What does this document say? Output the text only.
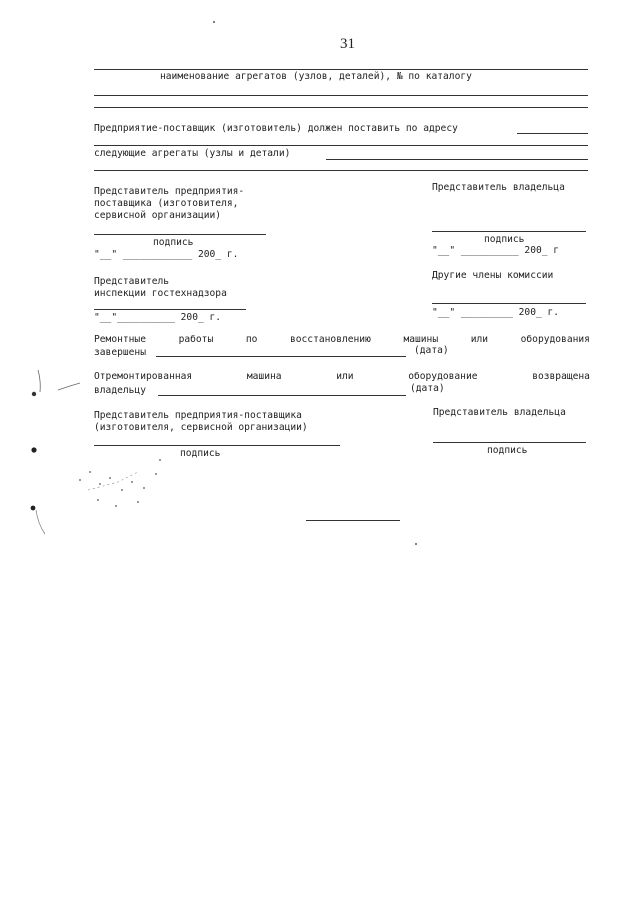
31
наименование агрегатов (узлов, деталей), № по каталогу
Предприятие-поставщик (изготовитель) должен поставить по адресу
следующие агрегаты (узлы и детали)
Представитель предприятия-
поставщика (изготовителя,
сервисной организации)
Представитель владельца
подпись
"__" ____________ 200_ г.
подпись
"__" __________ 200_ г
Представитель
инспекции гостехнадзора
Другие члены комиссии
"__"__________ 200_ г.	"__" _________ 200_ г.
Ремонтные	работы	по	восстановлению	машины	или	оборудования
завершены	(дата)
Отремонтированная	машина	или	оборудование	возвращена
владельцу	(дата)
Представитель предприятия-поставщика
(изготовителя, сервисной организации)
Представитель владельца
подпись	подпись
